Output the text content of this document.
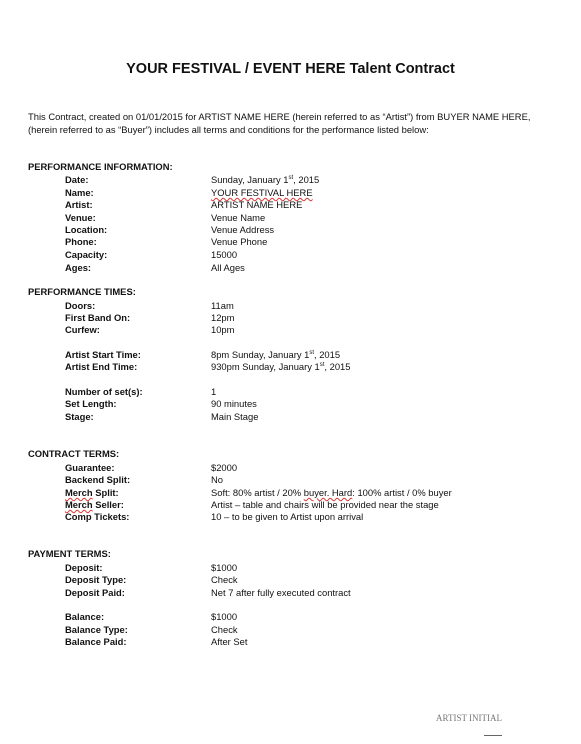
YOUR FESTIVAL / EVENT HERE Talent Contract

This Contract, created on 01/01/2015 for ARTIST NAME HERE (herein referred to as “Artist”) from BUYER NAME HERE,
(herein referred to as “Buyer”) includes all terms and conditions for the performance listed below:

PERFORMANCE INFORMATION:
Date:	Sunday, January 1st, 2015
Name:	YOUR FESTIVAL HERE
Artist:	ARTIST NAME HERE
Venue:	Venue Name
Location:	Venue Address
Phone:	Venue Phone
Capacity:	15000
Ages:	All Ages
PERFORMANCE TIMES:
Doors:	11am
First Band On:	12pm
Curfew:	10pm
Artist Start Time:	8pm Sunday, January 1st, 2015
Artist End Time:	930pm Sunday, January 1st, 2015
Number of set(s):	1
Set Length:	90 minutes
Stage:	Main Stage
CONTRACT TERMS:
Guarantee:	$2000
Backend Split:	No
Merch Split:	Soft: 80% artist / 20% buyer. Hard: 100% artist / 0% buyer
Merch Seller:	Artist – table and chairs will be provided near the stage
Comp Tickets:	10 – to be given to Artist upon arrival
PAYMENT TERMS:
Deposit:	$1000
Deposit Type:	Check
Deposit Paid:	Net 7 after fully executed contract
Balance:	$1000
Balance Type:	Check
Balance Paid:	After Set
ARTIST INITIAL
